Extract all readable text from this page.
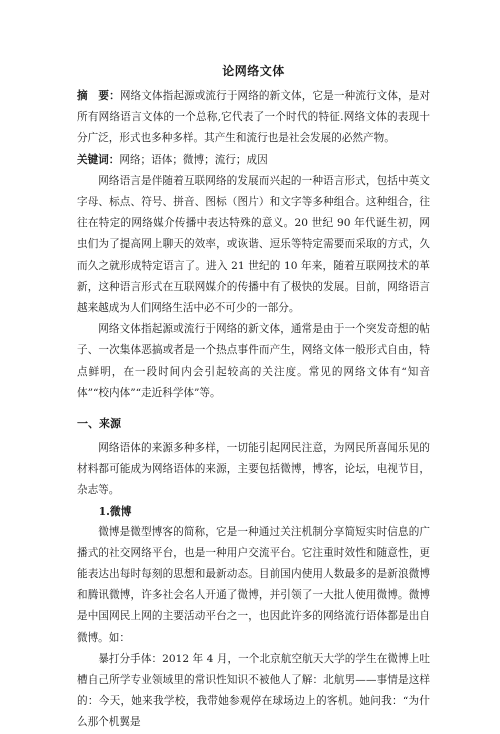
论网络文体

摘　要：网络文体指起源或流行于网络的新文体，它是一种流行文体，是对所有网络语言文体的一个总称,它代表了一个时代的特征.网络文体的表现十分广泛，形式也多种多样。其产生和流行也是社会发展的必然产物。

关键词：网络；语体；微博；流行；成因

网络语言是伴随着互联网络的发展而兴起的一种语言形式，包括中英文字母、标点、符号、拼音、图标（图片）和文字等多种组合。这种组合，往往在特定的网络媒介传播中表达特殊的意义。20 世纪 90 年代诞生初，网虫们为了提高网上聊天的效率，或诙谐、逗乐等特定需要而采取的方式，久而久之就形成特定语言了。进入 21 世纪的 10 年来，随着互联网技术的革新，这种语言形式在互联网媒介的传播中有了极快的发展。目前，网络语言越来越成为人们网络生活中必不可少的一部分。

网络文体指起源或流行于网络的新文体，通常是由于一个突发奇想的帖子、一次集体恶搞或者是一个热点事件而产生，网络文体一般形式自由，特点鲜明，在一段时间内会引起较高的关注度。常见的网络文体有“知音体”“校内体”“走近科学体”等。

一、来源

网络语体的来源多种多样，一切能引起网民注意，为网民所喜闻乐见的材料都可能成为网络语体的来源，主要包括微博，博客，论坛，电视节目，杂志等。

1.微博

微博是微型博客的简称，它是一种通过关注机制分享简短实时信息的广播式的社交网络平台，也是一种用户交流平台。它注重时效性和随意性，更能表达出每时每刻的思想和最新动态。目前国内使用人数最多的是新浪微博和腾讯微博，许多社会名人开通了微博，并引领了一大批人使用微博。微博是中国网民上网的主要活动平台之一，也因此许多的网络流行语体都是出自微博。如：

暴打分手体：2012 年 4 月，一个北京航空航天大学的学生在微博上吐槽自己所学专业领域里的常识性知识不被他人了解：北航男——事情是这样的：今天，她来我学校，我带她参观停在球场边上的客机。她问我：“为什么那个机翼是
